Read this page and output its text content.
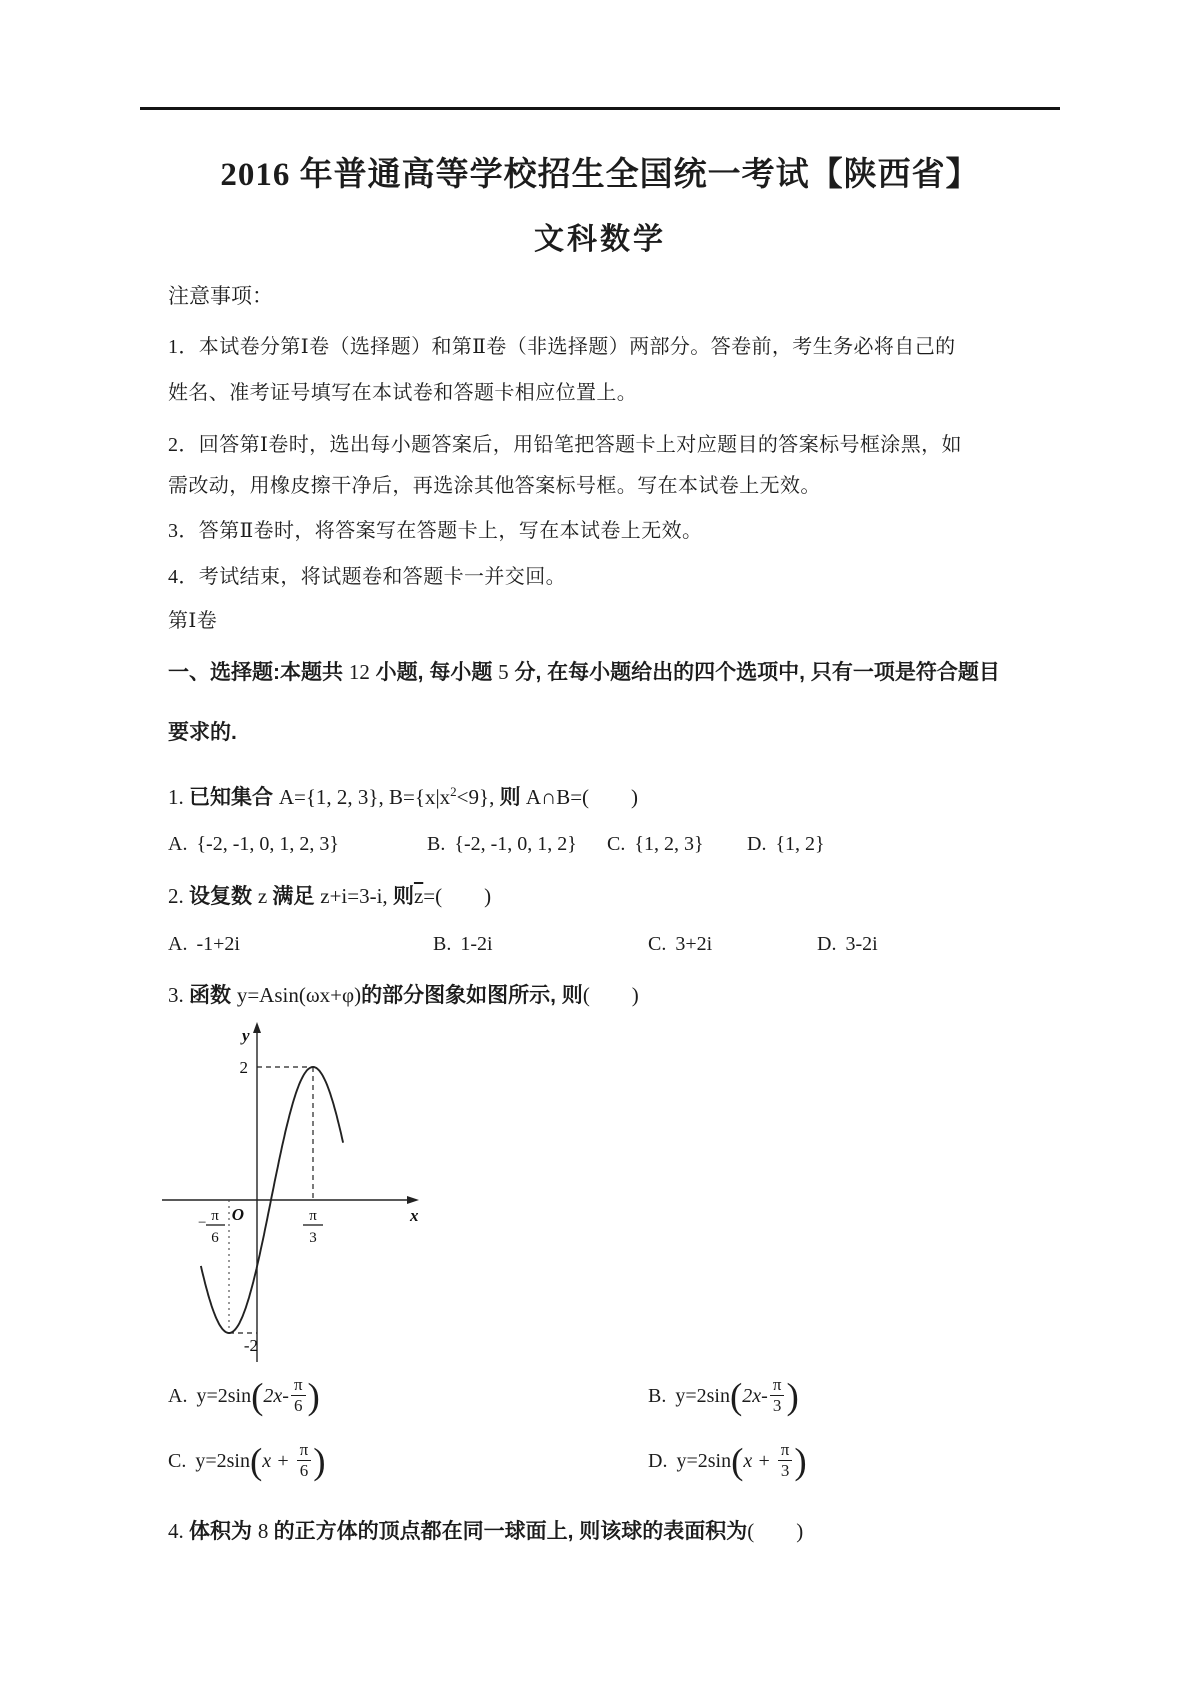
2016 年普通高等学校招生全国统一考试【陕西省】
文科数学
注意事项：
1．本试卷分第Ⅰ卷（选择题）和第Ⅱ卷（非选择题）两部分。答卷前，考生务必将自己的
姓名、准考证号填写在本试卷和答题卡相应位置上。
2．回答第Ⅰ卷时，选出每小题答案后，用铅笔把答题卡上对应题目的答案标号框涂黑，如
需改动，用橡皮擦干净后，再选涂其他答案标号框。写在本试卷上无效。
3．答第Ⅱ卷时，将答案写在答题卡上，写在本试卷上无效。
4．考试结束，将试题卷和答题卡一并交回。
第Ⅰ卷
一、选择题:本题共 12 小题, 每小题 5 分, 在每小题给出的四个选项中, 只有一项是符合题目
要求的.
1. 已知集合 A={1, 2, 3}, $B=\{x|x^2<9\}$, 则 A∩B=(　　)
A. {-2, -1, 0, 1, 2, 3}	B. {-2, -1, 0, 1, 2} C. {1, 2, 3} D. {1, 2}
2. 设复数 z 满足 z+i=3-i, 则$\overline{z}=$(　　)
A. -1+2i	B. 1-2i	C. 3+2i	D. 3-2i
3. 函数 y=Asin(ωx+φ)的部分图象如图所示, 则(　　)
y
x
O
2
-2
− π
6
π
3
A. $y=2\sin(2x- \frac{\pi}{6}$ )	B. $y=2\sin(2x- \frac{\pi}{3}$ )
C. $y=2\sin(x + \frac{\pi}{6}$ )	D. $y=2\sin(x + \frac{\pi}{3}$ )
4. 体积为 8 的正方体的顶点都在同一球面上, 则该球的表面积为(　　)
